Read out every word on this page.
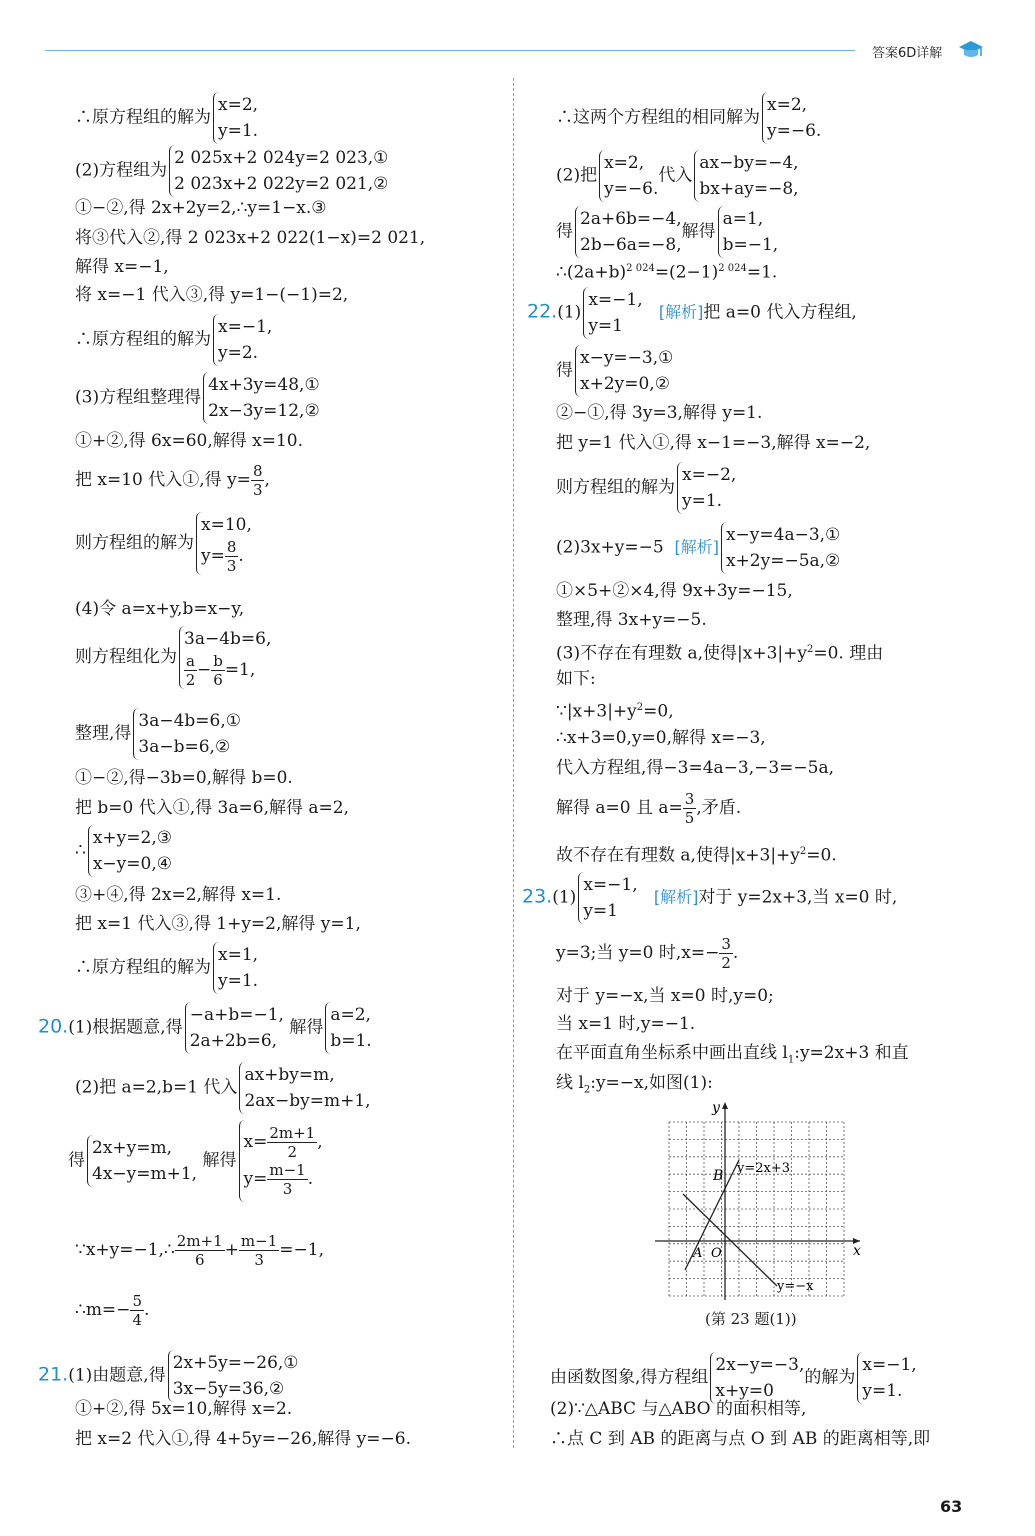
答案6D详解
∴原方程组的解为
x=2,
y=1.
(2)方程组为
2 025x+2 024y=2 023,①
2 023x+2 022y=2 021,②
①−②,得 2x+2y=2,∴y=1−x.③
将③代入②,得 2 023x+2 022(1−x)=2 021,
解得 x=−1,
将 x=−1 代入③,得 y=1−(−1)=2,
∴原方程组的解为
x=−1,
y=2.
(3)方程组整理得
4x+3y=48,①
2x−3y=12,②
①+②,得 6x=60,解得 x=10.
把 x=10 代入①,得 $y= \frac{8}{3}$ ,
则方程组的解为
x=10,
$y= \frac{8}{3}$ .
(4)令 a=x+y,b=x−y,
则方程组化为
3a−4b=6,
$\frac{a}{2} - \frac{b}{6} =1$,
整理,得
3a−4b=6,①
3a−b=6,②
①−②,得−3b=0,解得 b=0.
把 b=0 代入①,得 3a=6,解得 a=2,
∴
x+y=2,③
x−y=0,④
③+④,得 2x=2,解得 x=1.
把 x=1 代入③,得 1+y=2,解得 y=1,
∴原方程组的解为
x=1,
y=1.
20.(1)根据题意,得
−a+b=−1,
2a+2b=6,
解得
a=2,
b=1.
(2)把 a=2,b=1 代入
ax+by=m,
2ax−by=m+1,
得
2x+y=m,
4x−y=m+1,
解得
$x= \frac{2m+1}{2}$ ,
$y= \frac{m-1}{3}$ .
∵x+y=−1,∴ $\frac{2m+1}{6} + \frac{m-1}{3} =-1$,
∴m=− $\frac{5}{4}$ .
21.(1)由题意,得
2x+5y=−26,①
3x−5y=36,②
①+②,得 5x=10,解得 x=2.
把 x=2 代入①,得 4+5y=−26,解得 y=−6.
∴这两个方程组的相同解为
x=2,
y=−6.
(2)把
x=2,
y=−6.
代入
ax−by=−4,
bx+ay=−8,
得
2a+6b=−4,
2b−6a=−8,
解得
a=1,
b=−1,
$\therefore(2a+b)^{2 024}=(2-1)^{2 024}=1$.
22.(1)
x=−1,
y=1
[解析]把 a=0 代入方程组,
得
x−y=−3,①
x+2y=0,②
②−①,得 3y=3,解得 y=1.
把 y=1 代入①,得 x−1=−3,解得 x=−2,
则方程组的解为
x=−2,
y=1.
(2)3x+y=−5 [解析]
x−y=4a−3,①
x+2y=−5a,②
①×5+②×4,得 9x+3y=−15,
整理,得 3x+y=−5.
(3)不存在有理数 a,使得$|x+3|+y^2=0$. 理由
如下:
$\because|x+3|+y^2=0$,
∴x+3=0,y=0,解得 x=−3,
代入方程组,得−3=4a−3,−3=−5a,
解得 a=0 且 $a= \frac{3}{5}$ ,矛盾.
故不存在有理数 a,使得$|x+3|+y^2=0$.
23.(1)
x=−1,
y=1
[解析]对于 y=2x+3,当 x=0 时,
y=3;当 y=0 时$,x=- \frac{3}{2}$ .
对于 y=−x,当 x=0 时,y=0;
当 x=1 时,y=−1.
在平面直角坐标系中画出直线 $l_1:y=2x+3$ 和直
线 $l_2:y=-x$,如图(1):
y
x
B
A O
y=2x+3
y=−x
(第 23 题(1))
由函数图象,得方程组
2x−y=−3,
x+y=0
的解为
x=−1,
y=1.
(2)∵△ABC 与△ABO 的面积相等,
∴点 C 到 AB 的距离与点 O 到 AB 的距离相等,即
63
